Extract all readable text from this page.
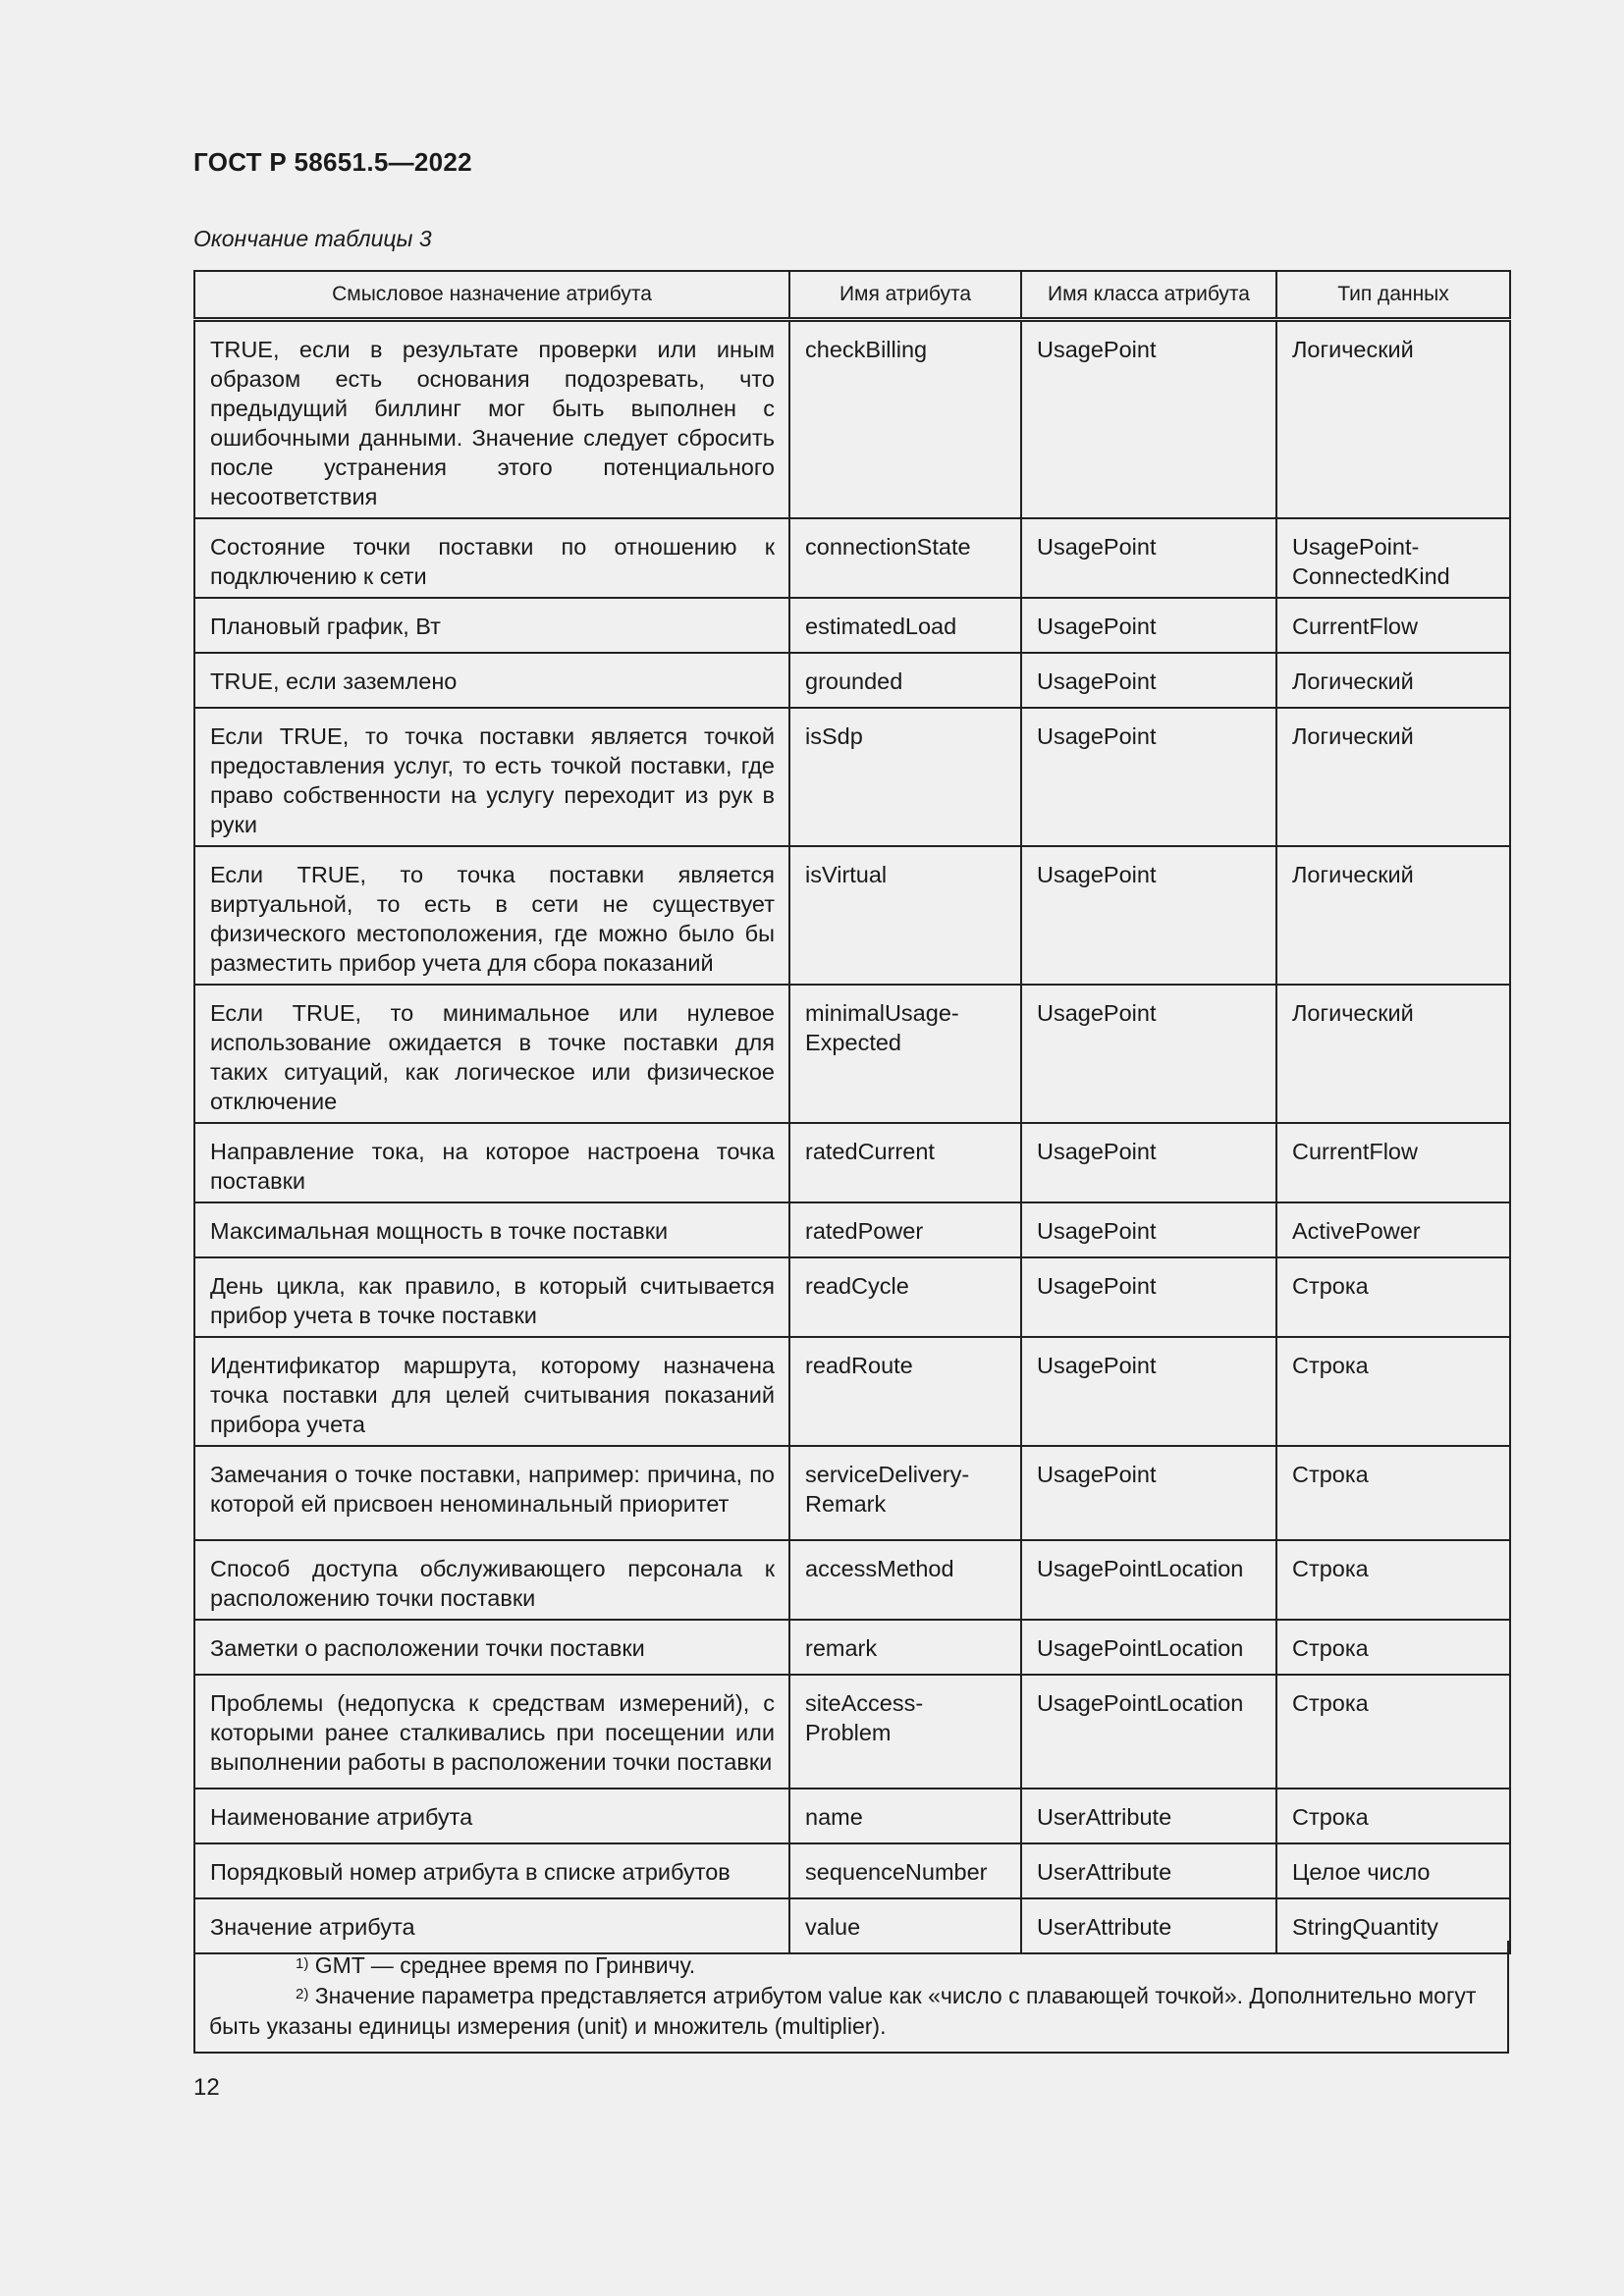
ГОСТ Р 58651.5—2022
Окончание таблицы 3
Смысловое назначение атрибута	Имя атрибута	Имя класса атрибута	Тип данных
TRUE, если в результате проверки или иным образом есть основания подозревать, что предыдущий биллинг мог быть выполнен с ошибочными данными. Значение следует сбросить после устранения этого потенциального несоответствия	checkBilling	UsagePoint	Логический
Состояние точки поставки по отношению к подключению к сети	connectionState	UsagePoint	UsagePoint-ConnectedKind
Плановый график, Вт	estimatedLoad	UsagePoint	CurrentFlow
TRUE, если заземлено	grounded	UsagePoint	Логический
Если TRUE, то точка поставки является точкой предоставления услуг, то есть точкой поставки, где право собственности на услугу переходит из рук в руки	isSdp	UsagePoint	Логический
Если TRUE, то точка поставки является виртуальной, то есть в сети не существует физического местоположения, где можно было бы разместить прибор учета для сбора показаний	isVirtual	UsagePoint	Логический
Если TRUE, то минимальное или нулевое использование ожидается в точке поставки для таких ситуаций, как логическое или физическое отключение	minimalUsage-Expected	UsagePoint	Логический
Направление тока, на которое настроена точка поставки	ratedCurrent	UsagePoint	CurrentFlow
Максимальная мощность в точке поставки	ratedPower	UsagePoint	ActivePower
День цикла, как правило, в который считывается прибор учета в точке поставки	readCycle	UsagePoint	Строка
Идентификатор маршрута, которому назначена точка поставки для целей считывания показаний прибора учета	readRoute	UsagePoint	Строка
Замечания о точке поставки, например: причина, по которой ей присвоен неноминальный приоритет	serviceDelivery-Remark	UsagePoint	Строка
Способ доступа обслуживающего персонала к расположению точки поставки	accessMethod	UsagePointLocation	Строка
Заметки о расположении точки поставки	remark	UsagePointLocation	Строка
Проблемы (недопуска к средствам измерений), с которыми ранее сталкивались при посещении или выполнении работы в расположении точки поставки	siteAccess-Problem	UsagePointLocation	Строка
Наименование атрибута	name	UserAttribute	Строка
Порядковый номер атрибута в списке атрибутов	sequenceNumber	UserAttribute	Целое число
Значение атрибута	value	UserAttribute	StringQuantity
$^{1)}$ GMT — среднее время по Гринвичу.
$^{2)}$ Значение параметра представляется атрибутом value как «число с плавающей точкой». Дополнительно могут быть указаны единицы измерения (unit) и множитель (multiplier).
12
